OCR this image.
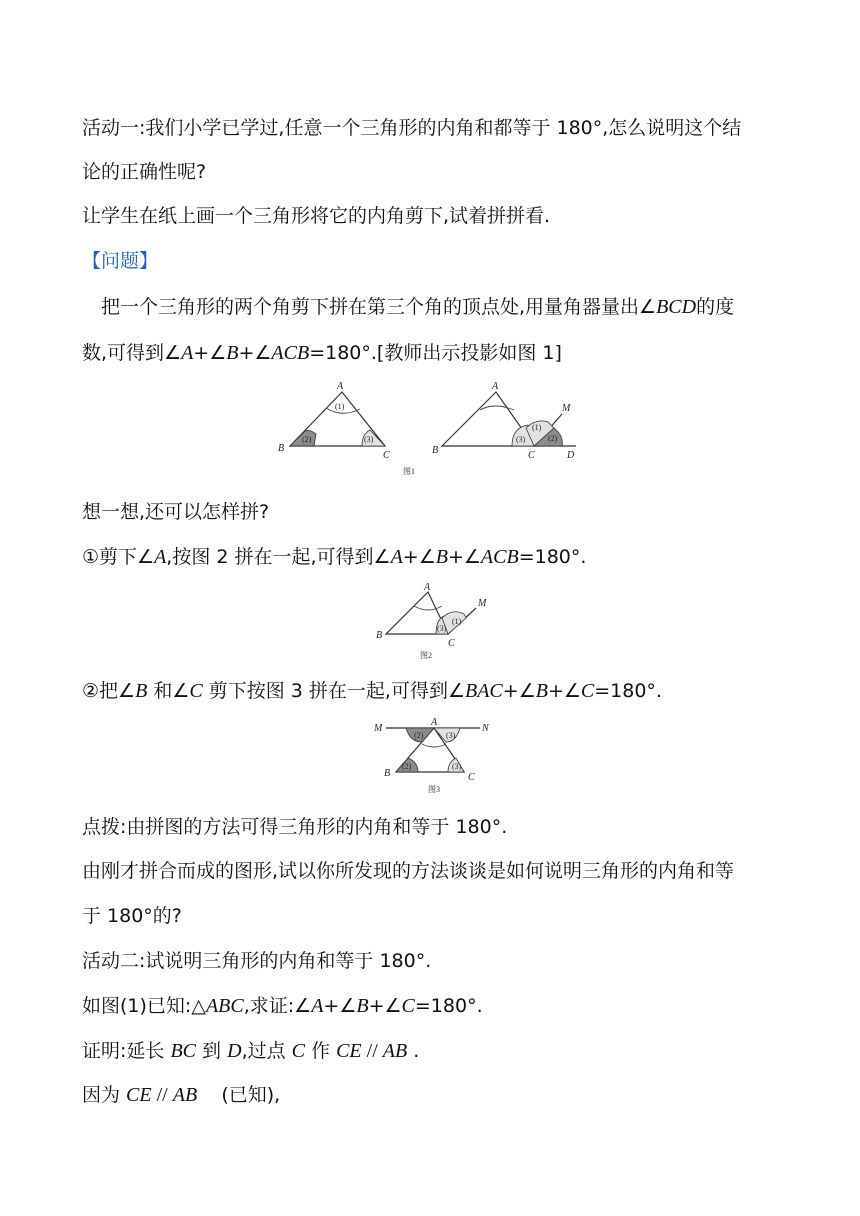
活动一:我们小学已学过,任意一个三角形的内角和都等于 180°,怎么说明这个结
论的正确性呢?
让学生在纸上画一个三角形将它的内角剪下,试着拼拼看.
【问题】
把一个三角形的两个角剪下拼在第三个角的顶点处,用量角器量出∠BCD的度
数,可得到∠A+∠B+∠ACB=180°.[教师出示投影如图 1]
A
B
C
(1)
(2)	(3)
A
B	C	D
M
(1)
(2)
(3)
图1
想一想,还可以怎样拼?
①剪下∠A,按图 2 拼在一起,可得到∠A+∠B+∠ACB=180°.
A
B
C
M
(1)
(3)
图2
②把∠B 和∠C 剪下按图 3 拼在一起,可得到∠BAC+∠B+∠C=180°.
M	N
A
B	C
(2)	(3)
(2)	(3)
图3
点拨:由拼图的方法可得三角形的内角和等于 180°.
由刚才拼合而成的图形,试以你所发现的方法谈谈是如何说明三角形的内角和等
于 180°的?
活动二:试说明三角形的内角和等于 180°.
如图(1)已知:△ABC,求证:∠A+∠B+∠C=180°.
证明:延长 BC 到 D,过点 C 作 CE // AB .
因为 CE // AB    (已知),
